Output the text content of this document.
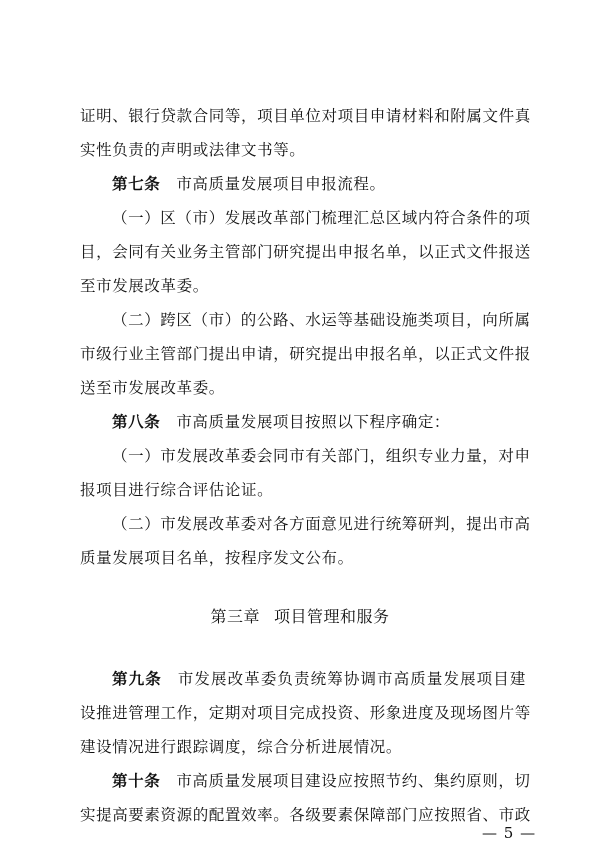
证明、银行贷款合同等，项目单位对项目申请材料和附属文件真
实性负责的声明或法律文书等。
第七条 市高质量发展项目申报流程。
（一）区（市）发展改革部门梳理汇总区域内符合条件的项
目，会同有关业务主管部门研究提出申报名单，以正式文件报送
至市发展改革委。
（二）跨区（市）的公路、水运等基础设施类项目，向所属
市级行业主管部门提出申请，研究提出申报名单，以正式文件报
送至市发展改革委。
第八条 市高质量发展项目按照以下程序确定：
（一）市发展改革委会同市有关部门，组织专业力量，对申
报项目进行综合评估论证。
（二）市发展改革委对各方面意见进行统筹研判，提出市高
质量发展项目名单，按程序发文公布。
第三章 项目管理和服务
第九条 市发展改革委负责统筹协调市高质量发展项目建
设推进管理工作，定期对项目完成投资、形象进度及现场图片等
建设情况进行跟踪调度，综合分析进展情况。
第十条 市高质量发展项目建设应按照节约、集约原则，切
实提高要素资源的配置效率。各级要素保障部门应按照省、市政
— 5 —
